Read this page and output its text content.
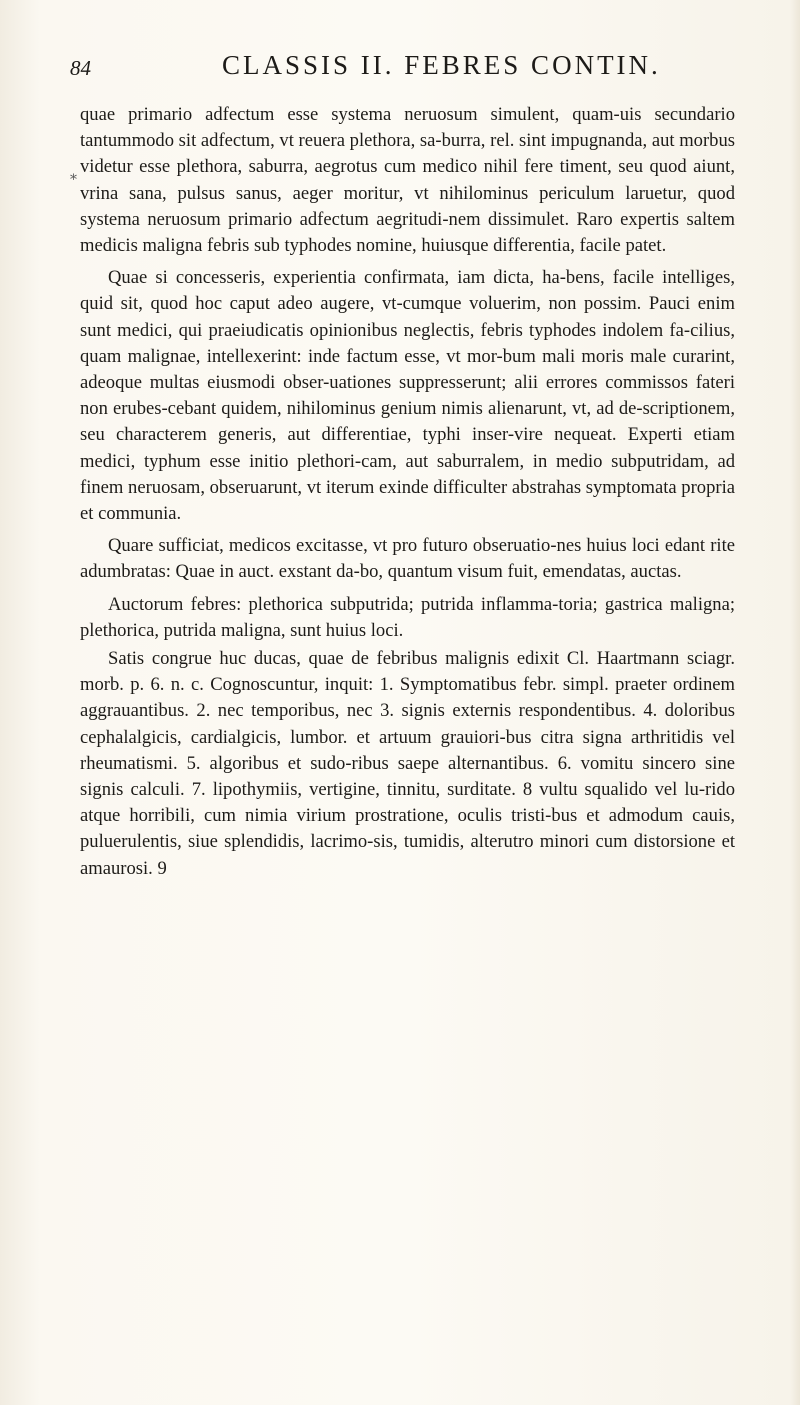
84	CLASSIS II. FEBRES CONTIN.
*

quae primario adfectum esse systema neruosum simulent, quam-uis secundario tantummodo sit adfectum, vt reuera plethora, sa-burra, rel. sint impugnanda, aut morbus videtur esse plethora, saburra, aegrotus cum medico nihil fere timent, seu quod aiunt, vrina sana, pulsus sanus, aeger moritur, vt nihilominus periculum laruetur, quod systema neruosum primario adfectum aegritudi-nem dissimulet. Raro expertis saltem medicis maligna febris sub typhodes nomine, huiusque differentia, facile patet.

Quae si concesseris, experientia confirmata, iam dicta, ha-bens, facile intelliges, quid sit, quod hoc caput adeo augere, vt-cumque voluerim, non possim. Pauci enim sunt medici, qui praeiudicatis opinionibus neglectis, febris typhodes indolem fa-cilius, quam malignae, intellexerint: inde factum esse, vt mor-bum mali moris male curarint, adeoque multas eiusmodi obser-uationes suppresserunt; alii errores commissos fateri non erubes-cebant quidem, nihilominus genium nimis alienarunt, vt, ad de-scriptionem, seu characterem generis, aut differentiae, typhi inser-vire nequeat. Experti etiam medici, typhum esse initio plethori-cam, aut saburralem, in medio subputridam, ad finem neruosam, obseruarunt, vt iterum exinde difficulter abstrahas symptomata propria et communia.

Quare sufficiat, medicos excitasse, vt pro futuro obseruatio-nes huius loci edant rite adumbratas: Quae in auct. exstant da-bo, quantum visum fuit, emendatas, auctas.

Auctorum febres: plethorica subputrida; putrida inflamma-toria; gastrica maligna; plethorica, putrida maligna, sunt huius loci.

Satis congrue huc ducas, quae de febribus malignis edixit Cl. Haartmann sciagr. morb. p. 6. n. c. Cognoscuntur, inquit: 1. Symptomatibus febr. simpl. praeter ordinem aggrauantibus. 2. nec temporibus, nec 3. signis externis respondentibus. 4. doloribus cephalalgicis, cardialgicis, lumbor. et artuum grauiori-bus citra signa arthritidis vel rheumatismi. 5. algoribus et sudo-ribus saepe alternantibus. 6. vomitu sincero sine signis calculi. 7. lipothymiis, vertigine, tinnitu, surditate. 8 vultu squalido vel lu-rido atque horribili, cum nimia virium prostratione, oculis tristi-bus et admodum cauis, puluerulentis, siue splendidis, lacrimo-sis, tumidis, alterutro minori cum distorsione et amaurosi. 9
